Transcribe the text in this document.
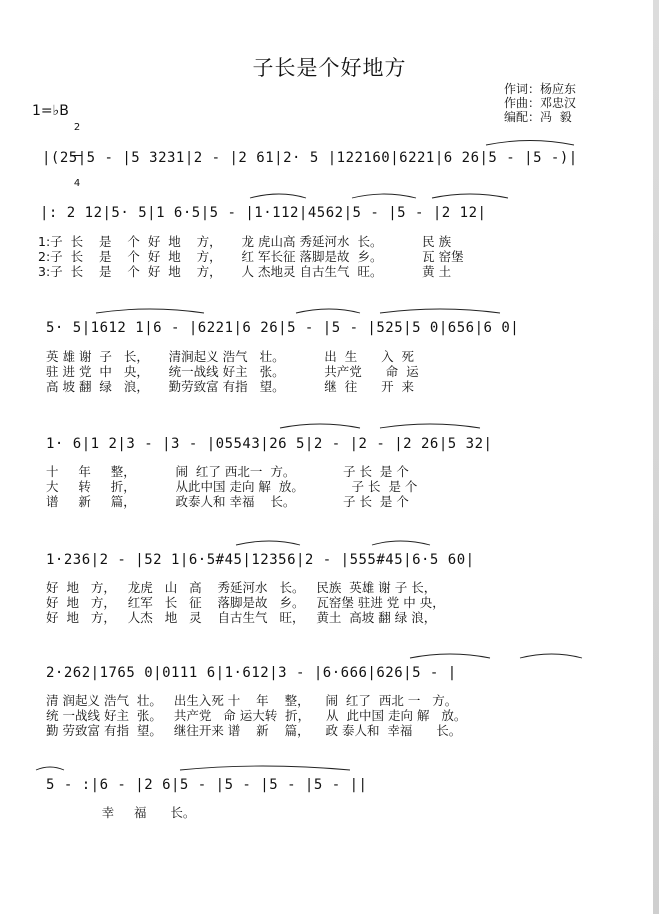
子长是个好地方
作词：杨应东
作曲：邓忠汉
编配：冯  毅
1=♭B

2

4

|(25|5 - |5 3231|2 - |2 61|2· 5 |122160|6221|6 26|5 - |5 -)|
|: 2 12|5· 5|1 6·5|5 - |1·112|4562|5 - |5 - |2 12|
1:子  长    是    个  好  地    方，     龙 虎山高 秀延河水  长。          民 族
2:子  长    是    个  好  地    方，     红 军长征 落脚是故  乡。          瓦 窑堡
3:子  长    是    个  好  地    方，     人 杰地灵 自古生气  旺。          黄 土
5· 5|1612 1|6 - |6221|6 26|5 - |5 - |525|5 0|656|6 0|
英 雄 谢  子   长，     清涧起义 浩气   壮。          出  生      入  死
驻 进 党  中   央，     统一战线 好主   张。          共产党      命  运
高 坡 翻  绿   浪，     勤劳致富 有指   望。          继  往      开  来
1· 6|1 2|3 - |3 - |05543|26 5|2 - |2 - |2 26|5 32|
十     年     整，          闹  红了 西北一  方。            子 长  是 个
大     转     折，          从此中国 走向 解  放。            子 长  是 个
谱     新     篇，          政泰人和 幸福    长。            子 长  是 个
1·236|2 - |52 1|6·5#45|12356|2 - |555#45|6·5 60|
好  地   方，   龙虎   山   高    秀延河水   长。   民族  英雄 谢 子 长，
好  地   方，   红军   长   征    落脚是故   乡。   瓦窑堡 驻进 党 中 央，
好  地   方，   人杰   地   灵    自古生气   旺，   黄土  高坡 翻 绿 浪，
2·262|1765 0|0111 6|1·612|3 - |6·666|626|5 - |
清 润起义 浩气  壮。   出生入死 十    年    整，    闹  红了  西北 一   方。
统 一战线 好主  张。   共产党   命 运大转  折，    从  此中国 走向 解   放。
勤 劳致富 有指  望。   继往开来 谱    新    篇，    政 泰人和  幸福      长。
5 - :|6 - |2 6|5 - |5 - |5 - |5 - ||
幸     福      长。
